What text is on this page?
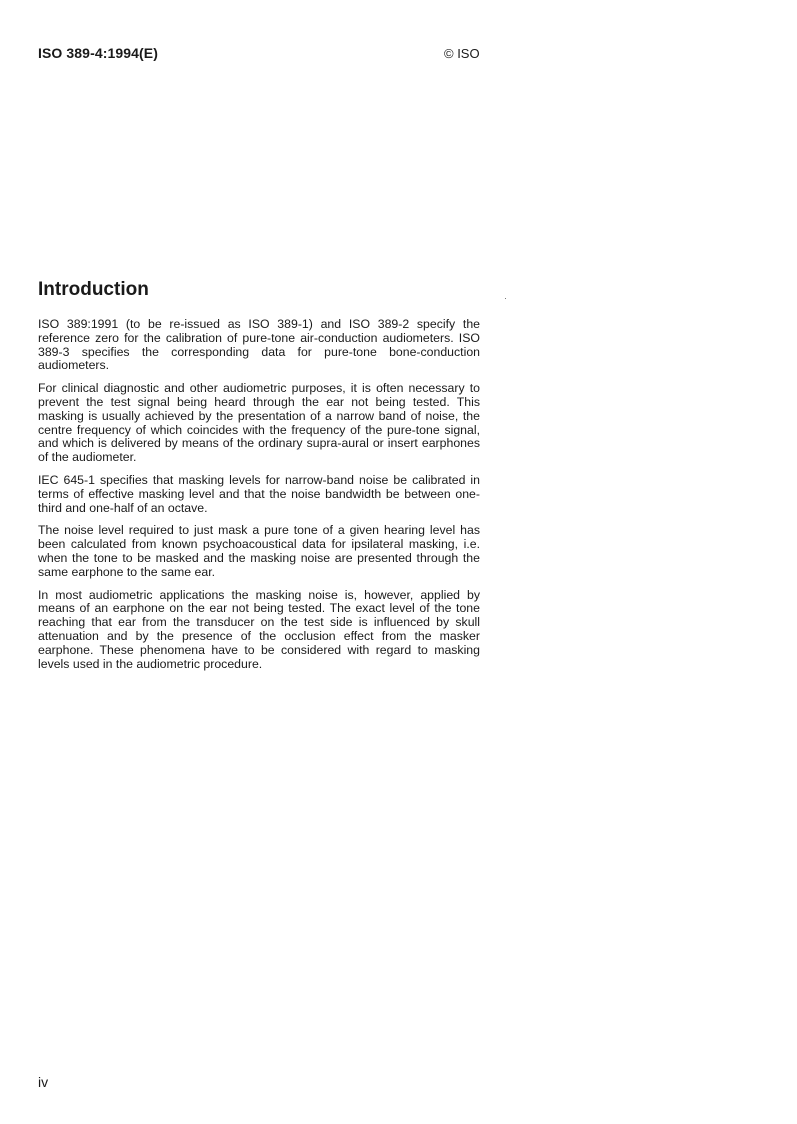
ISO 389-4:1994(E)	© ISO
Introduction

ISO 389:1991 (to be re-issued as ISO 389-1) and ISO 389-2 specify the reference zero for the calibration of pure-tone air-conduction audiometers. ISO 389-3 specifies the corresponding data for pure-tone bone-conduction audiometers.

For clinical diagnostic and other audiometric purposes, it is often necessary to prevent the test signal being heard through the ear not being tested. This masking is usually achieved by the presentation of a narrow band of noise, the centre frequency of which coincides with the frequency of the pure-tone signal, and which is delivered by means of the ordinary supra-aural or insert earphones of the audiometer.

IEC 645-1 specifies that masking levels for narrow-band noise be calibrated in terms of effective masking level and that the noise bandwidth be between one-third and one-half of an octave.

The noise level required to just mask a pure tone of a given hearing level has been calculated from known psychoacoustical data for ipsilateral masking, i.e. when the tone to be masked and the masking noise are presented through the same earphone to the same ear.

In most audiometric applications the masking noise is, however, applied by means of an earphone on the ear not being tested. The exact level of the tone reaching that ear from the transducer on the test side is influenced by skull attenuation and by the presence of the occlusion effect from the masker earphone. These phenomena have to be considered with regard to masking levels used in the audiometric procedure.

iv
